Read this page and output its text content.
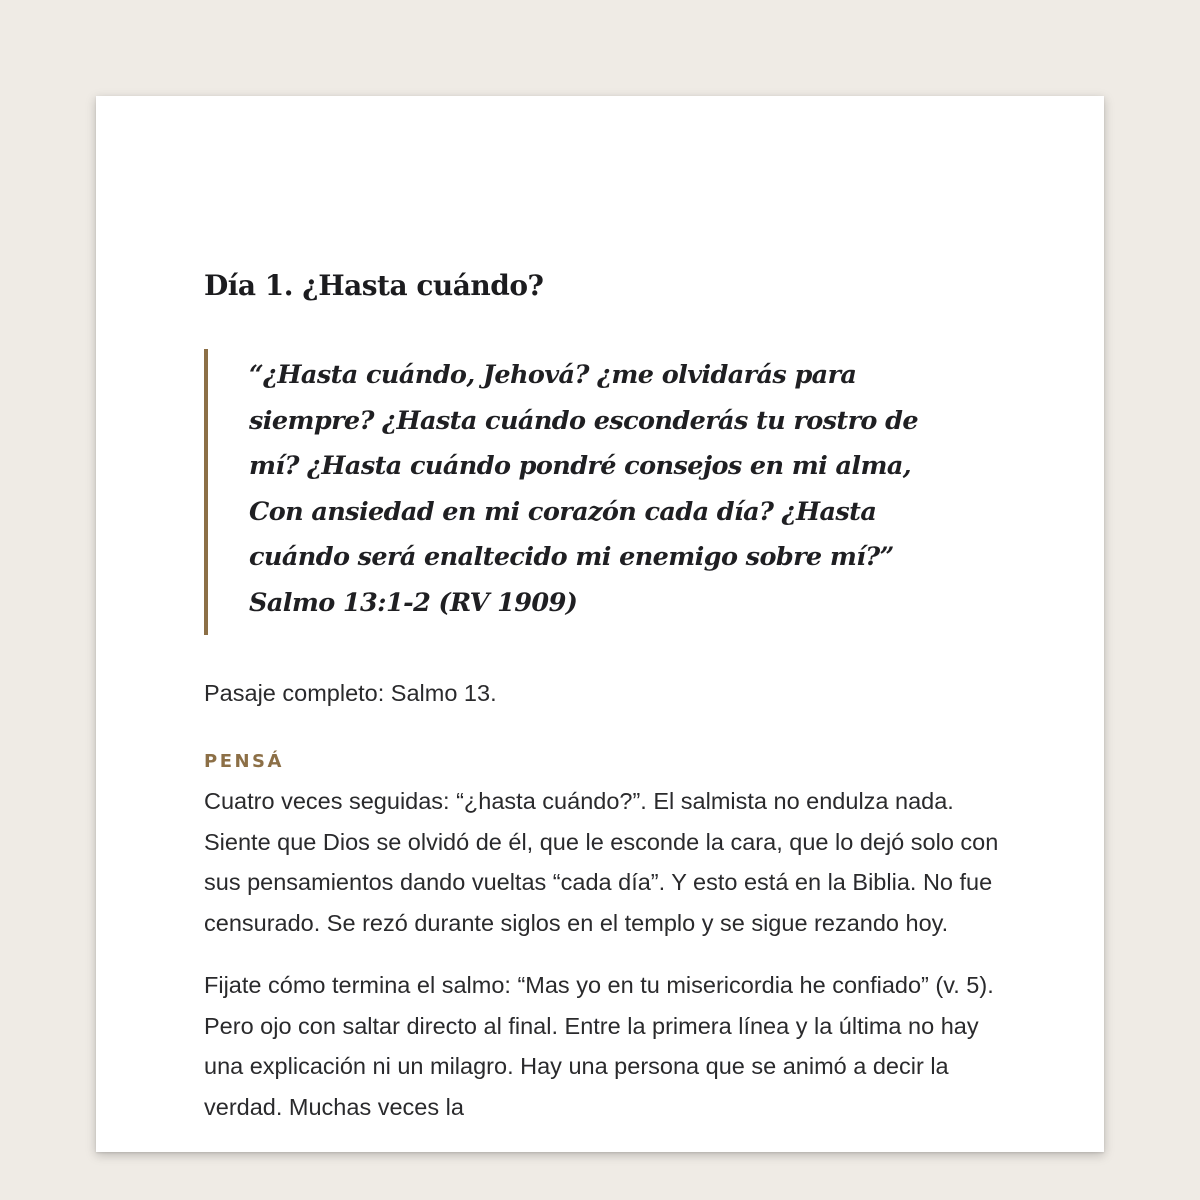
Día 1. ¿Hasta cuándo?
“¿Hasta cuándo, Jehová? ¿me olvidarás para siempre? ¿Hasta cuándo esconderás tu rostro de mí? ¿Hasta cuándo pondré consejos en mi alma, Con ansiedad en mi corazón cada día? ¿Hasta cuándo será enaltecido mi enemigo sobre mí?”
Salmo 13:1-2 (RV 1909)

Pasaje completo: Salmo 13.

PENSÁ

Cuatro veces seguidas: “¿hasta cuándo?”. El salmista no endulza nada. Siente que Dios se olvidó de él, que le esconde la cara, que lo dejó solo con sus pensamientos dando vueltas “cada día”. Y esto está en la Biblia. No fue censurado. Se rezó durante siglos en el templo y se sigue rezando hoy.

Fijate cómo termina el salmo: “Mas yo en tu misericordia he confiado” (v. 5). Pero ojo con saltar directo al final. Entre la primera línea y la última no hay una explicación ni un milagro. Hay una persona que se animó a decir la verdad. Muchas veces la
